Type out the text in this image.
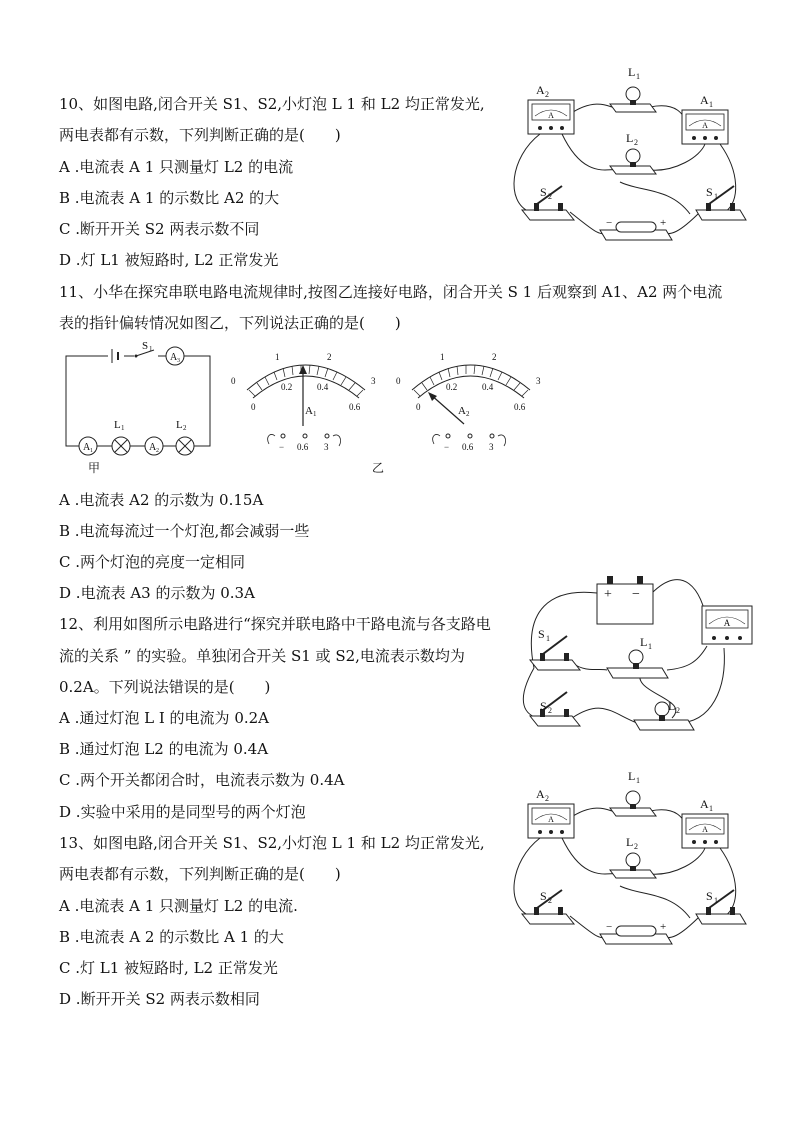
10、如图电路,闭合开关 S1、S2,小灯泡 L 1 和 L2 均正常发光,
两电表都有示数，下列判断正确的是(　　)
A .电流表 A 1 只测量灯 L2 的电流
B .电流表 A 1 的示数比 A2 的大
C .断开开关 S2 两表示数不同
D .灯 L1 被短路时, L2 正常发光
A
A 2
L 1
A
A 1
L 2
S 2	S 1
−	+
11、小华在探究串联电路电流规律时,按图乙连接好电路，闭合开关 S 1 后观察到 A1、A2 两个电流
表的指针偏转情况如图乙，下列说法正确的是(　　)
S 1
A 3
A 1
L 1
A 2
L 2
甲
0
1	2
3
0
0.2	0.4
0.6
A 1
− 0.6 3
0
1	2
3
0
0.2	0.4
0.6
A 2
− 0.6 3
乙
A .电流表 A2 的示数为 0.15A
B .电流每流过一个灯泡,都会减弱一些
C .两个灯泡的亮度一定相同
D .电流表 A3 的示数为 0.3A
12、利用如图所示电路进行“探究并联电路中干路电流与各支路电
流的关系 ” 的实验。单独闭合开关 S1 或 S2,电流表示数均为
0.2A。下列说法错误的是(　　)
A .通过灯泡 L I 的电流为 0.2A
B .通过灯泡 L2 的电流为 0.4A
C .两个开关都闭合时，电流表示数为 0.4A
D .实验中采用的是同型号的两个灯泡
+ −
A
S 1	L 1
S 2	L 2
13、如图电路,闭合开关 S1、S2,小灯泡 L 1 和 L2 均正常发光,
两电表都有示数，下列判断正确的是(　　)
A .电流表 A 1 只测量灯 L2 的电流.
B .电流表 A 2 的示数比 A 1 的大
C .灯 L1 被短路时, L2 正常发光
D .断开开关 S2 两表示数相同
A
A 2
L 1
A
A 1
L 2
S 2	S 1
−	+
